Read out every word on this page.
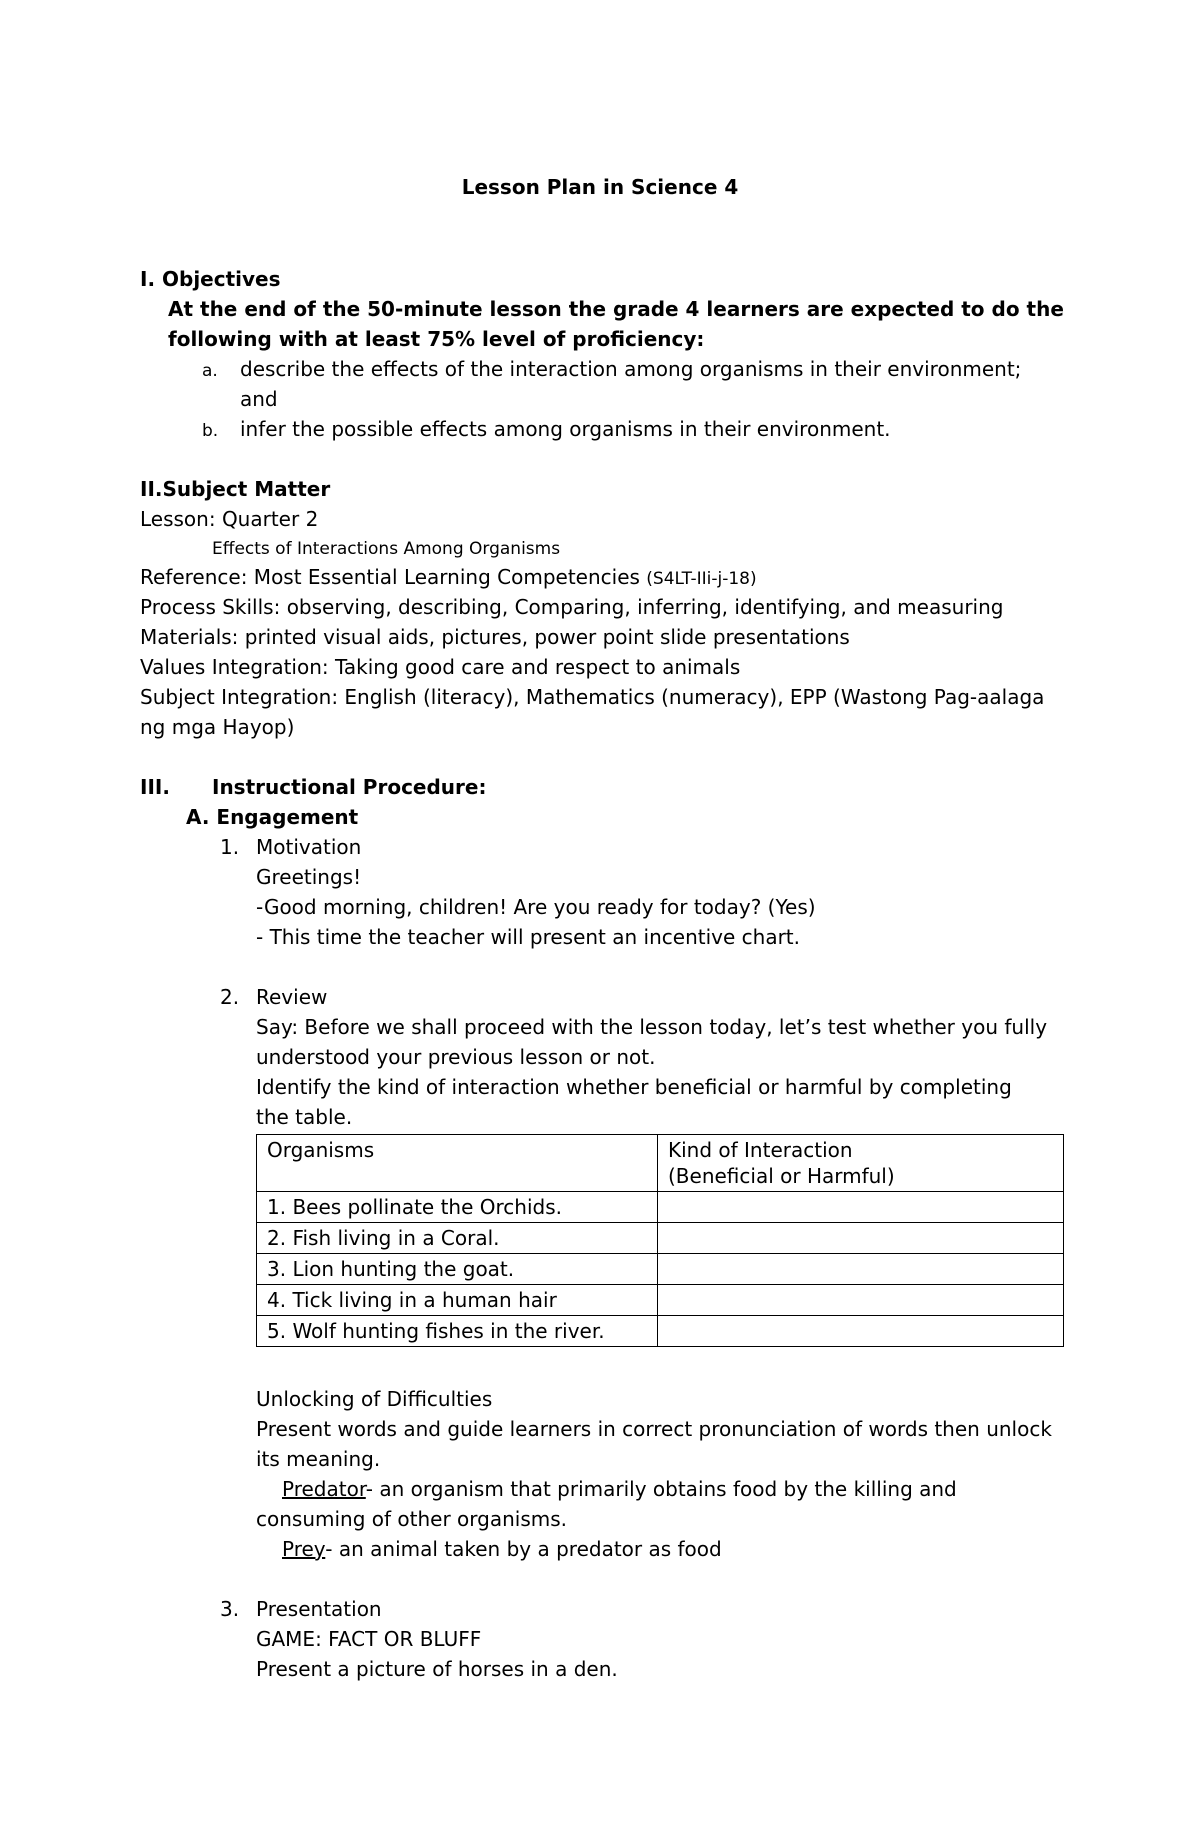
Lesson Plan in Science 4
I. Objectives
At the end of the 50-minute lesson the grade 4 learners are expected to do the
following with at least 75% level of proficiency:
a. describe the effects of the interaction among organisms in their environment;
and
b. infer the possible effects among organisms in their environment.
II.Subject Matter
Lesson: Quarter 2
Effects of Interactions Among Organisms
Reference: Most Essential Learning Competencies (S4LT-IIi-j-18)
Process Skills: observing, describing, Comparing, inferring, identifying, and measuring
Materials: printed visual aids, pictures, power point slide presentations
Values Integration: Taking good care and respect to animals
Subject Integration: English (literacy), Mathematics (numeracy), EPP (Wastong Pag-aalaga
ng mga Hayop)
III. Instructional Procedure:
A. Engagement
1. Motivation
Greetings!
-Good morning, children! Are you ready for today? (Yes)
- This time the teacher will present an incentive chart.
2. Review
Say: Before we shall proceed with the lesson today, let’s test whether you fully
understood your previous lesson or not.
Identify the kind of interaction whether beneficial or harmful by completing
the table.
Organisms	Kind of Interaction
(Beneficial or Harmful)

1. Bees pollinate the Orchids.	
2. Fish living in a Coral.	
3. Lion hunting the goat.	
4. Tick living in a human hair	
5. Wolf hunting fishes in the river.	
Unlocking of Difficulties
Present words and guide learners in correct pronunciation of words then unlock
its meaning.
Predator- an organism that primarily obtains food by the killing and
consuming of other organisms.
Prey- an animal taken by a predator as food
3. Presentation
GAME: FACT OR BLUFF
Present a picture of horses in a den.
